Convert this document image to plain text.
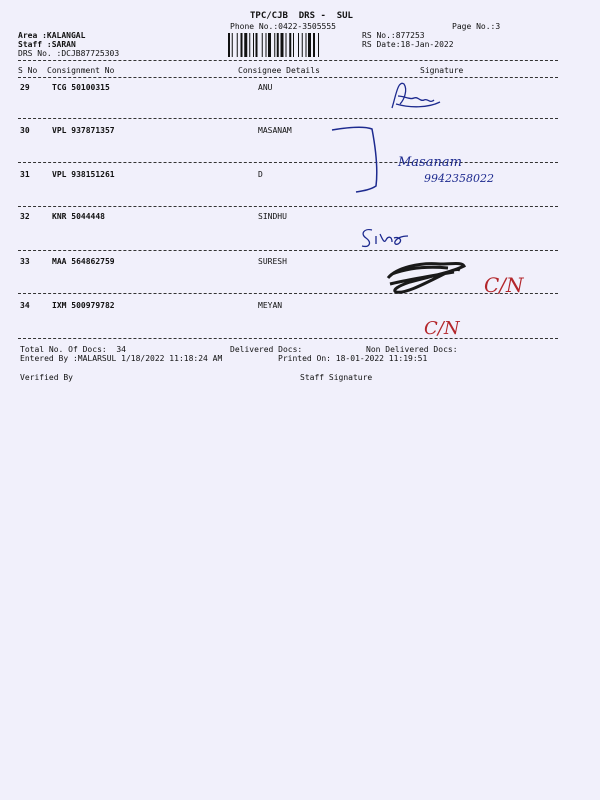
TPC/CJB  DRS -  SUL
Phone No.:0422-3505555
Area :KALANGAL
Staff :SARAN
DRS No. :DCJB87725303
Page No.:3
RS No.:877253
RS Date:18-Jan-2022
S No Consignment No	Consignee Details	Signature
29	TCG 50100315	ANU
30	VPL 937871357	MASANAM
31	VPL 938151261	D
32	KNR 5044448	SINDHU
33	MAA 564862759	SURESH
34	IXM 500979782	MEYAN
Total No. Of Docs:  34	Delivered Docs:	Non Delivered Docs:
Entered By :MALARSUL 1/18/2022 11:18:24 AM	Printed On: 18-01-2022 11:19:51
Verified By	Staff Signature
Masanam
9942358022
C/N
C/N
